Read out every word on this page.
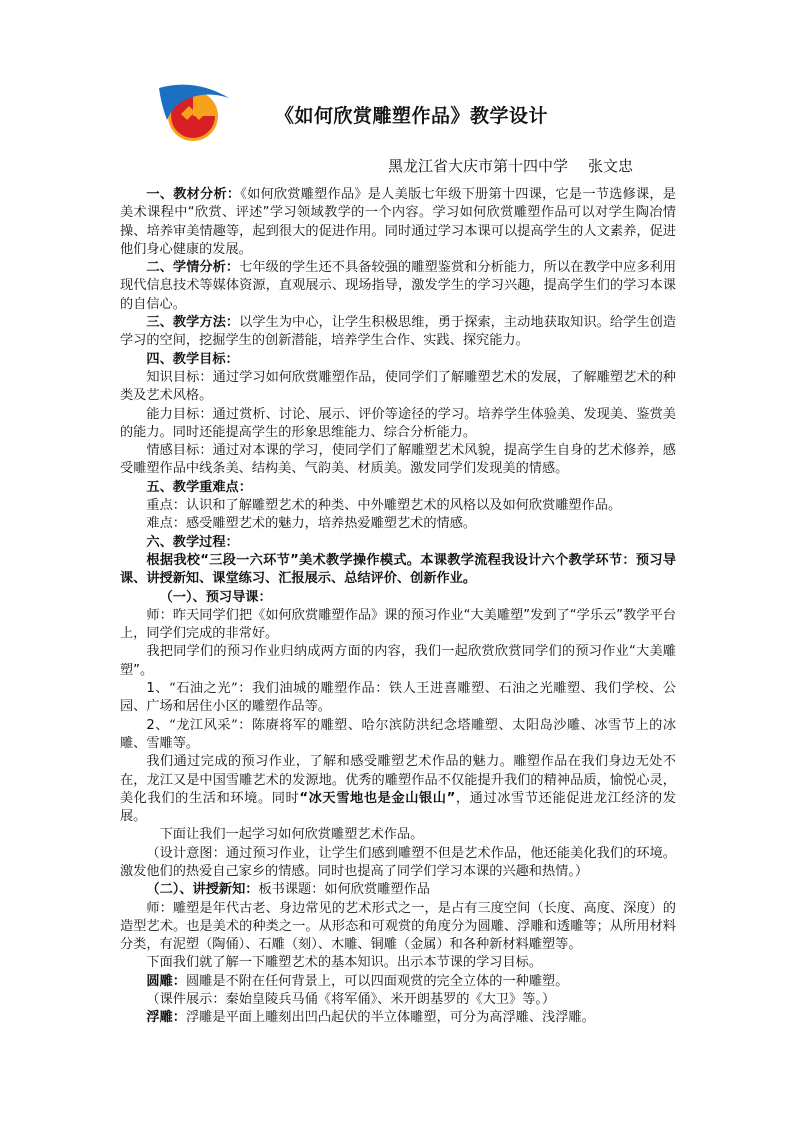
《如何欣赏雕塑作品》教学设计
黑龙江省大庆市第十四中学 张文忠

一、教材分析：《如何欣赏雕塑作品》是人美版七年级下册第十四课，它是一节选修课，是美术课程中“欣赏、评述”学习领域教学的一个内容。学习如何欣赏雕塑作品可以对学生陶冶情操、培养审美情趣等，起到很大的促进作用。同时通过学习本课可以提高学生的人文素养，促进他们身心健康的发展。

二、学情分析：七年级的学生还不具备较强的雕塑鉴赏和分析能力，所以在教学中应多利用现代信息技术等媒体资源，直观展示、现场指导，激发学生的学习兴趣，提高学生们的学习本课的自信心。

三、教学方法：以学生为中心，让学生积极思维，勇于探索，主动地获取知识。给学生创造学习的空间，挖掘学生的创新潜能，培养学生合作、实践、探究能力。

四、教学目标：

知识目标：通过学习如何欣赏雕塑作品，使同学们了解雕塑艺术的发展，了解雕塑艺术的种类及艺术风格。

能力目标：通过赏析、讨论、展示、评价等途径的学习。培养学生体验美、发现美、鉴赏美的能力。同时还能提高学生的形象思维能力、综合分析能力。

情感目标：通过对本课的学习，使同学们了解雕塑艺术风貌，提高学生自身的艺术修养，感受雕塑作品中线条美、结构美、气韵美、材质美。激发同学们发现美的情感。

五、教学重难点：

重点：认识和了解雕塑艺术的种类、中外雕塑艺术的风格以及如何欣赏雕塑作品。

难点：感受雕塑艺术的魅力，培养热爱雕塑艺术的情感。

六、教学过程：

根据我校“三段一六环节”美术教学操作模式。本课教学流程我设计六个教学环节：预习导课、讲授新知、课堂练习、汇报展示、总结评价、创新作业。

（一）、预习导课：

师：昨天同学们把《如何欣赏雕塑作品》课的预习作业“大美雕塑”发到了“学乐云”教学平台上，同学们完成的非常好。

我把同学们的预习作业归纳成两方面的内容，我们一起欣赏欣赏同学们的预习作业“大美雕塑”。

1、“石油之光”：我们油城的雕塑作品：铁人王进喜雕塑、石油之光雕塑、我们学校、公园、广场和居住小区的雕塑作品等。

2、“龙江风采”：陈赓将军的雕塑、哈尔滨防洪纪念塔雕塑、太阳岛沙雕、冰雪节上的冰雕、雪雕等。

我们通过完成的预习作业，了解和感受雕塑艺术作品的魅力。雕塑作品在我们身边无处不在，龙江又是中国雪雕艺术的发源地。优秀的雕塑作品不仅能提升我们的精神品质，愉悦心灵，美化我们的生活和环境。同时“冰天雪地也是金山银山”，通过冰雪节还能促进龙江经济的发展。

下面让我们一起学习如何欣赏雕塑艺术作品。

（设计意图：通过预习作业，让学生们感到雕塑不但是艺术作品，他还能美化我们的环境。激发他们的热爱自己家乡的情感。同时也提高了同学们学习本课的兴趣和热情。）

（二）、讲授新知：板书课题：如何欣赏雕塑作品

师：雕塑是年代古老、身边常见的艺术形式之一，是占有三度空间（长度、高度、深度）的造型艺术。也是美术的种类之一。从形态和可观赏的角度分为圆雕、浮雕和透雕等；从所用材料分类，有泥塑（陶俑）、石雕（刻）、木雕、铜雕（金属）和各种新材料雕塑等。

下面我们就了解一下雕塑艺术的基本知识。出示本节课的学习目标。

圆雕：圆雕是不附在任何背景上，可以四面观赏的完全立体的一种雕塑。

（课件展示：秦始皇陵兵马俑《将军俑》、米开朗基罗的《大卫》等。）

浮雕：浮雕是平面上雕刻出凹凸起伏的半立体雕塑，可分为高浮雕、浅浮雕。
